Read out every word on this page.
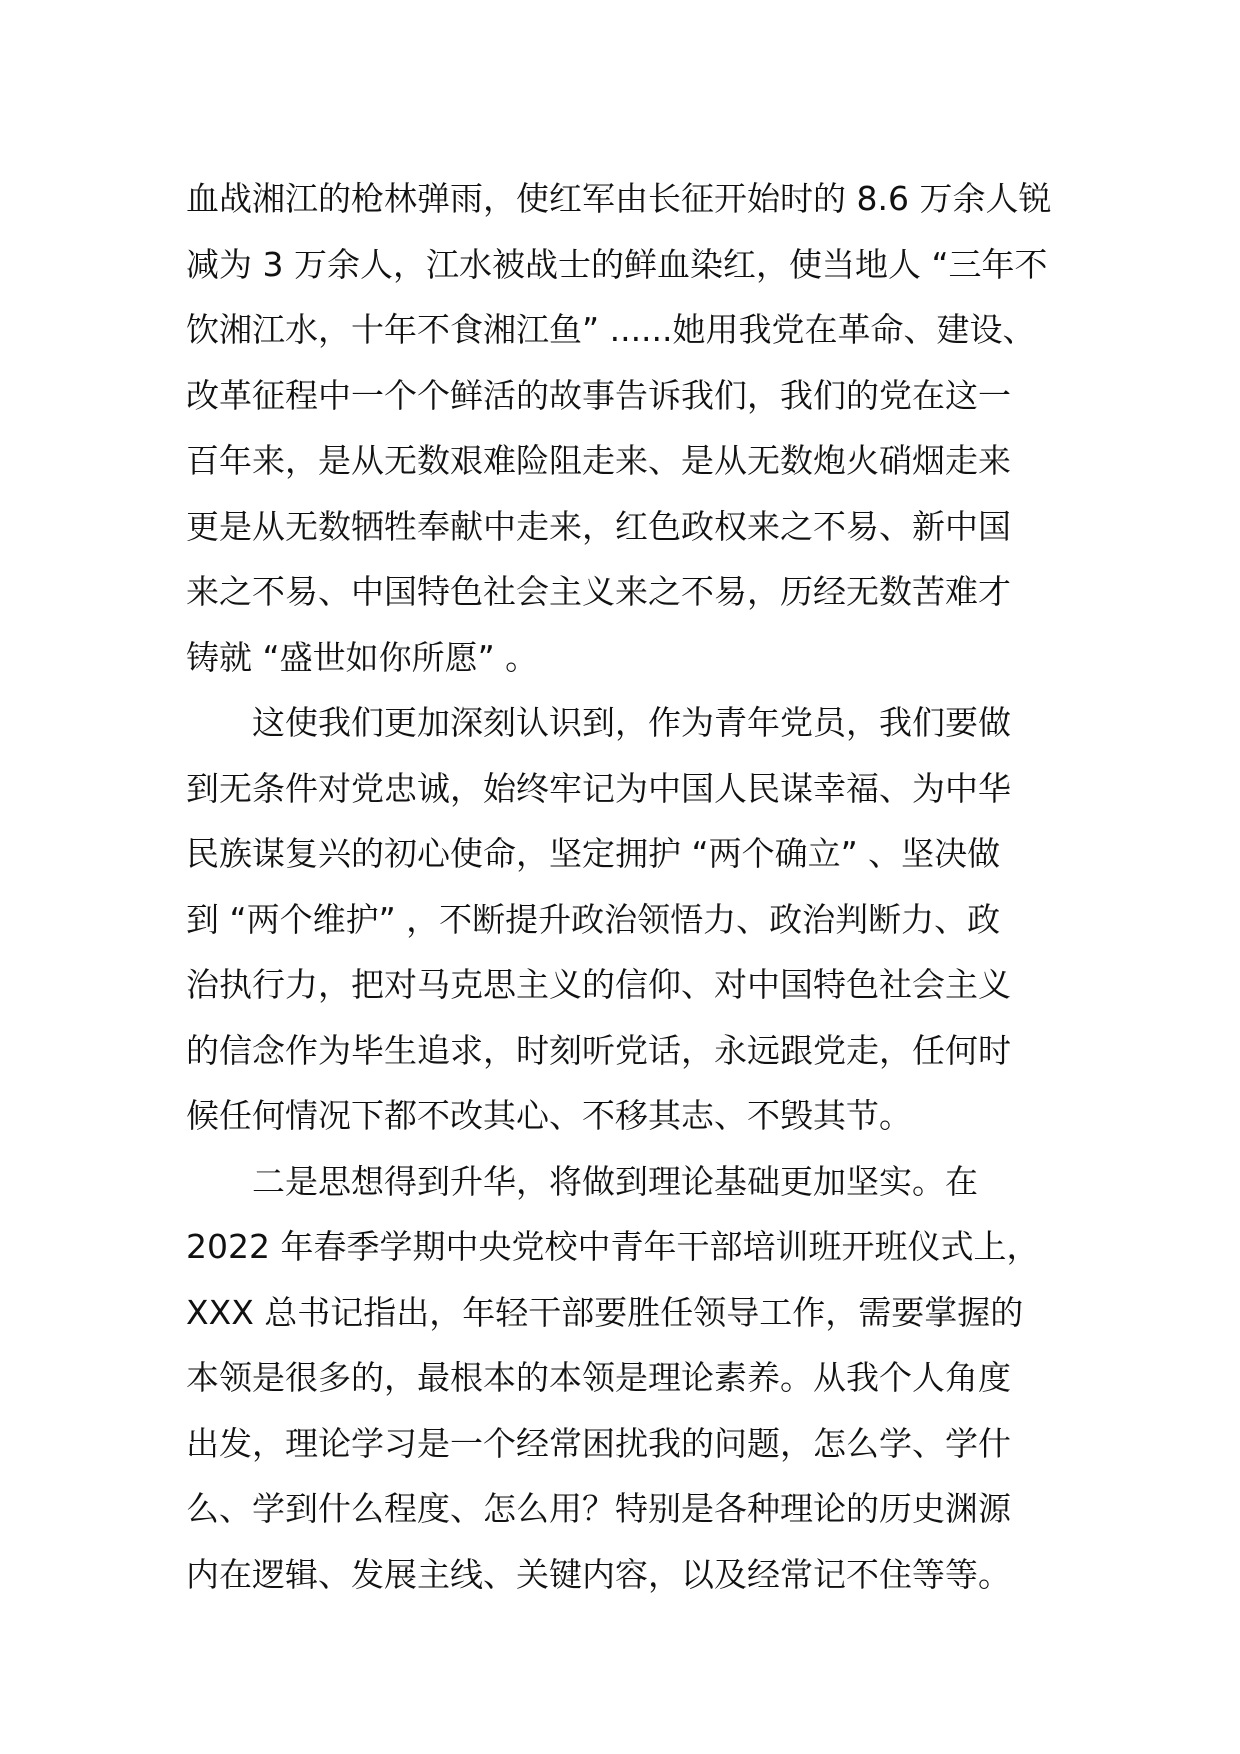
血战湘江的枪林弹雨，使红军由长征开始时的 8.6 万余人锐
减为 3 万余人，江水被战士的鲜血染红，使当地人 “三年不
饮湘江水，十年不食湘江鱼” ......她用我党在革命、建设、
改革征程中一个个鲜活的故事告诉我们，我们的党在这一
百年来，是从无数艰难险阻走来、是从无数炮火硝烟走来
更是从无数牺牲奉献中走来，红色政权来之不易、新中国
来之不易、中国特色社会主义来之不易，历经无数苦难才
铸就 “盛世如你所愿” 。
这使我们更加深刻认识到，作为青年党员，我们要做
到无条件对党忠诚，始终牢记为中国人民谋幸福、为中华
民族谋复兴的初心使命，坚定拥护 “两个确立” 、坚决做
到 “两个维护” ，不断提升政治领悟力、政治判断力、政
治执行力，把对马克思主义的信仰、对中国特色社会主义
的信念作为毕生追求，时刻听党话，永远跟党走，任何时
候任何情况下都不改其心、不移其志、不毁其节。
二是思想得到升华，将做到理论基础更加坚实。在
2022 年春季学期中央党校中青年干部培训班开班仪式上，
XXX 总书记指出，年轻干部要胜任领导工作，需要掌握的
本领是很多的，最根本的本领是理论素养。从我个人角度
出发，理论学习是一个经常困扰我的问题，怎么学、学什
么、学到什么程度、怎么用？特别是各种理论的历史渊源
内在逻辑、发展主线、关键内容，以及经常记不住等等。
